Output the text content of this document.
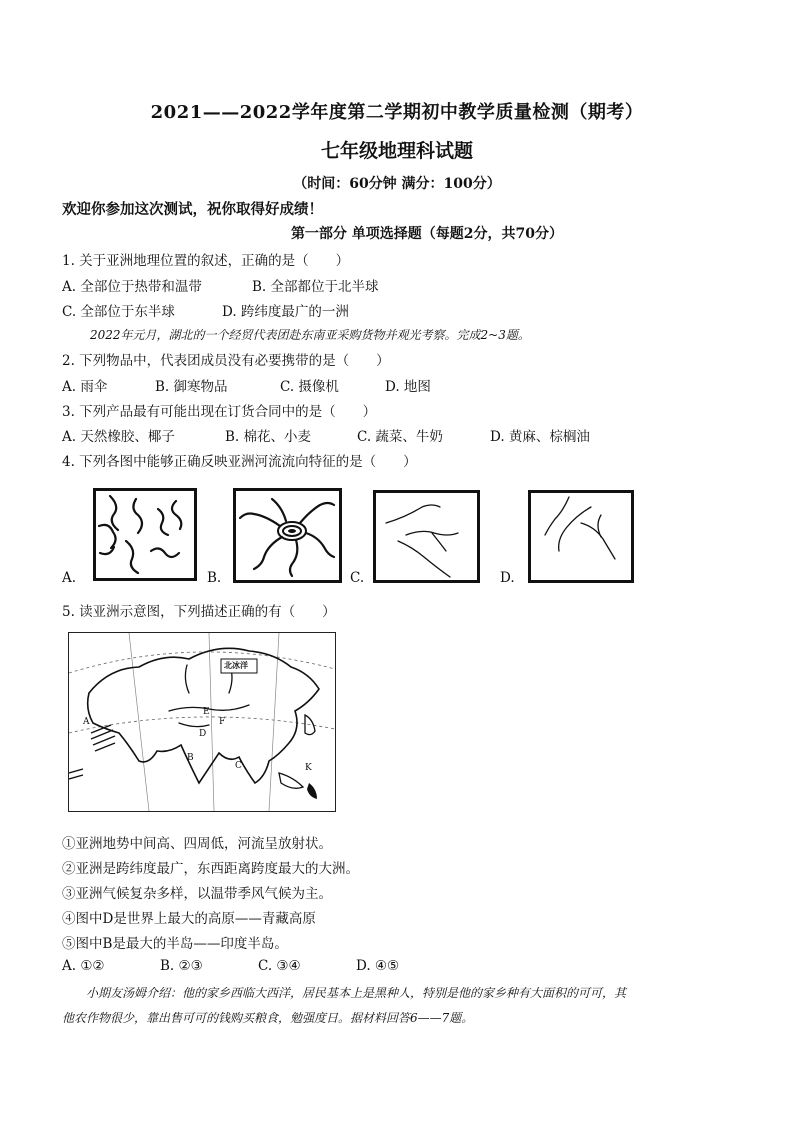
2021——2022学年度第二学期初中教学质量检测（期考）
七年级地理科试题
（时间：60分钟 满分：100分）
欢迎你参加这次测试，祝你取得好成绩！
第一部分 单项选择题（每题2分，共70分）
1. 关于亚洲地理位置的叙述，正确的是（　　）
A. 全部位于热带和温带	B. 全部都位于北半球
C. 全部位于东半球	D. 跨纬度最广的一洲
2022年元月，湖北的一个经贸代表团赴东南亚采购货物并观光考察。完成2~3题。
2. 下列物品中，代表团成员没有必要携带的是（　　）
A. 雨伞	B. 御寒物品	C. 摄像机	D. 地图
3. 下列产品最有可能出现在订货合同中的是（　　）
A. 天然橡胶、椰子	B. 棉花、小麦	C. 蔬菜、牛奶	D. 黄麻、棕榈油
4. 下列各图中能够正确反映亚洲河流流向特征的是（　　）
A.	B.	C.	D.
5. 读亚洲示意图，下列描述正确的有（　　）
北冰洋
A
B
C
D
E
F
K
①亚洲地势中间高、四周低，河流呈放射状。
②亚洲是跨纬度最广，东西距离跨度最大的大洲。
③亚洲气候复杂多样，以温带季风气候为主。
④图中D是世界上最大的高原——青藏高原
⑤图中B是最大的半岛——印度半岛。
A. ①②	B. ②③	C. ③④	D. ④⑤
小期友汤姆介绍：他的家乡西临大西洋，居民基本上是黑种人，特别是他的家乡种有大面积的可可，其
他农作物很少，靠出售可可的钱购买粮食，勉强度日。据材料回答6——7题。
